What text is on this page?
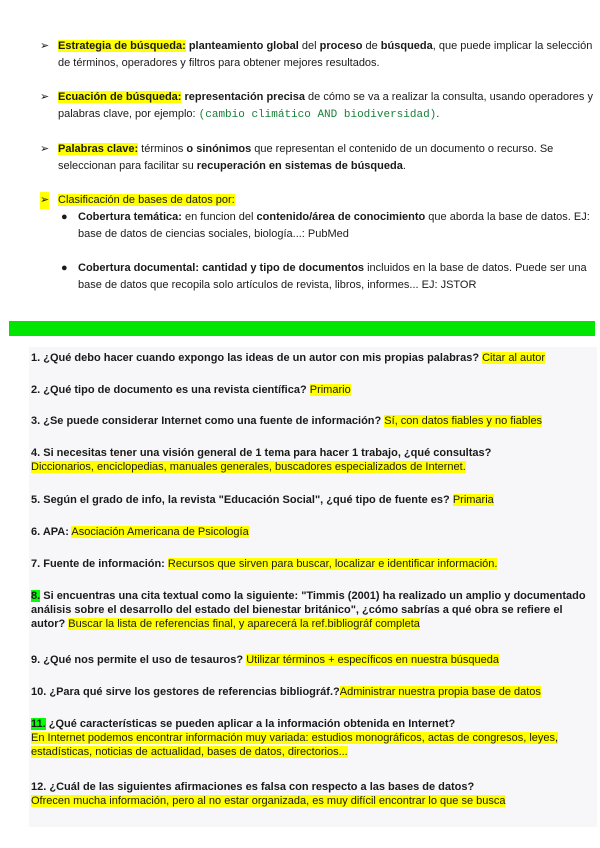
➢ Estrategia de búsqueda: planteamiento global del proceso de búsqueda, que puede implicar la selección de términos, operadores y filtros para obtener mejores resultados.
➢ Ecuación de búsqueda: representación precisa de cómo se va a realizar la consulta, usando operadores y palabras clave, por ejemplo: (cambio climático AND biodiversidad).
➢ Palabras clave: términos o sinónimos que representan el contenido de un documento o recurso. Se seleccionan para facilitar su recuperación en sistemas de búsqueda.
➢ Clasificación de bases de datos por:
● Cobertura temática: en funcion del contenido/área de conocimiento que aborda la base de datos. EJ: base de datos de ciencias sociales, biología...: PubMed
● Cobertura documental: cantidad y tipo de documentos incluidos en la base de datos. Puede ser una base de datos que recopila solo artículos de revista, libros, informes... EJ: JSTOR
1. ¿Qué debo hacer cuando expongo las ideas de un autor con mis propias palabras? Citar al autor
2. ¿Qué tipo de documento es una revista científica? Primario
3. ¿Se puede considerar Internet como una fuente de información? Sí, con datos fiables y no fiables
4. Si necesitas tener una visión general de 1 tema para hacer 1 trabajo, ¿qué consultas?
Diccionarios, enciclopedias, manuales generales, buscadores especializados de Internet.
5. Según el grado de info, la revista "Educación Social", ¿qué tipo de fuente es? Primaria
6. APA: Asociación Americana de Psicología
7. Fuente de información: Recursos que sirven para buscar, localizar e identificar información.
8. Si encuentras una cita textual como la siguiente: "Timmis (2001) ha realizado un amplio y documentado análisis sobre el desarrollo del estado del bienestar británico", ¿cómo sabrías a qué obra se refiere el autor? Buscar la lista de referencias final, y aparecerá la ref.bibliográf completa
9. ¿Qué nos permite el uso de tesauros? Utilizar términos + específicos en nuestra búsqueda
10. ¿Para qué sirve los gestores de referencias bibliográf.?Administrar nuestra propia base de datos
11. ¿Qué características se pueden aplicar a la información obtenida en Internet?
En Internet podemos encontrar información muy variada: estudios monográficos, actas de congresos, leyes, estadísticas, noticias de actualidad, bases de datos, directorios...
12. ¿Cuál de las siguientes afirmaciones es falsa con respecto a las bases de datos?
Ofrecen mucha información, pero al no estar organizada, es muy difícil encontrar lo que se busca
